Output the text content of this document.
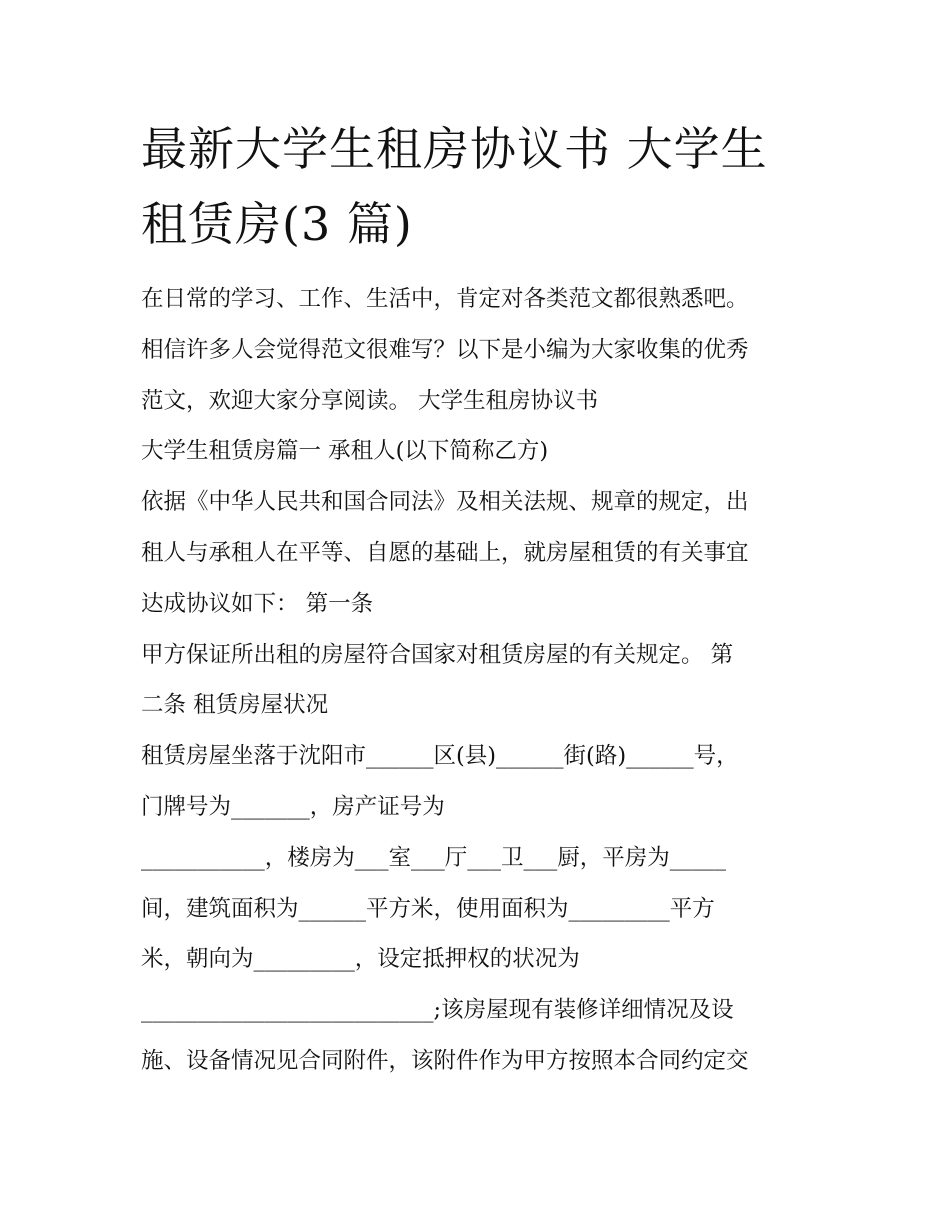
最新大学生租房协议书 大学生
租赁房(3 篇)
在日常的学习、工作、生活中，肯定对各类范文都很熟悉吧。
相信许多人会觉得范文很难写？以下是小编为大家收集的优秀
范文，欢迎大家分享阅读。 大学生租房协议书
大学生租赁房篇一 承租人(以下简称乙方)
依据《中华人民共和国合同法》及相关法规、规章的规定，出
租人与承租人在平等、自愿的基础上，就房屋租赁的有关事宜
达成协议如下： 第一条
甲方保证所出租的房屋符合国家对租赁房屋的有关规定。 第
二条 租赁房屋状况
租赁房屋坐落于沈阳市______区(县)______街(路)______号，
门牌号为_______，房产证号为
___________，楼房为___室___厅___卫___厨，平房为_____
间，建筑面积为______平方米，使用面积为_________平方
米，朝向为_________，设定抵押权的状况为
__________________________;该房屋现有装修详细情况及设
施、设备情况见合同附件，该附件作为甲方按照本合同约定交
